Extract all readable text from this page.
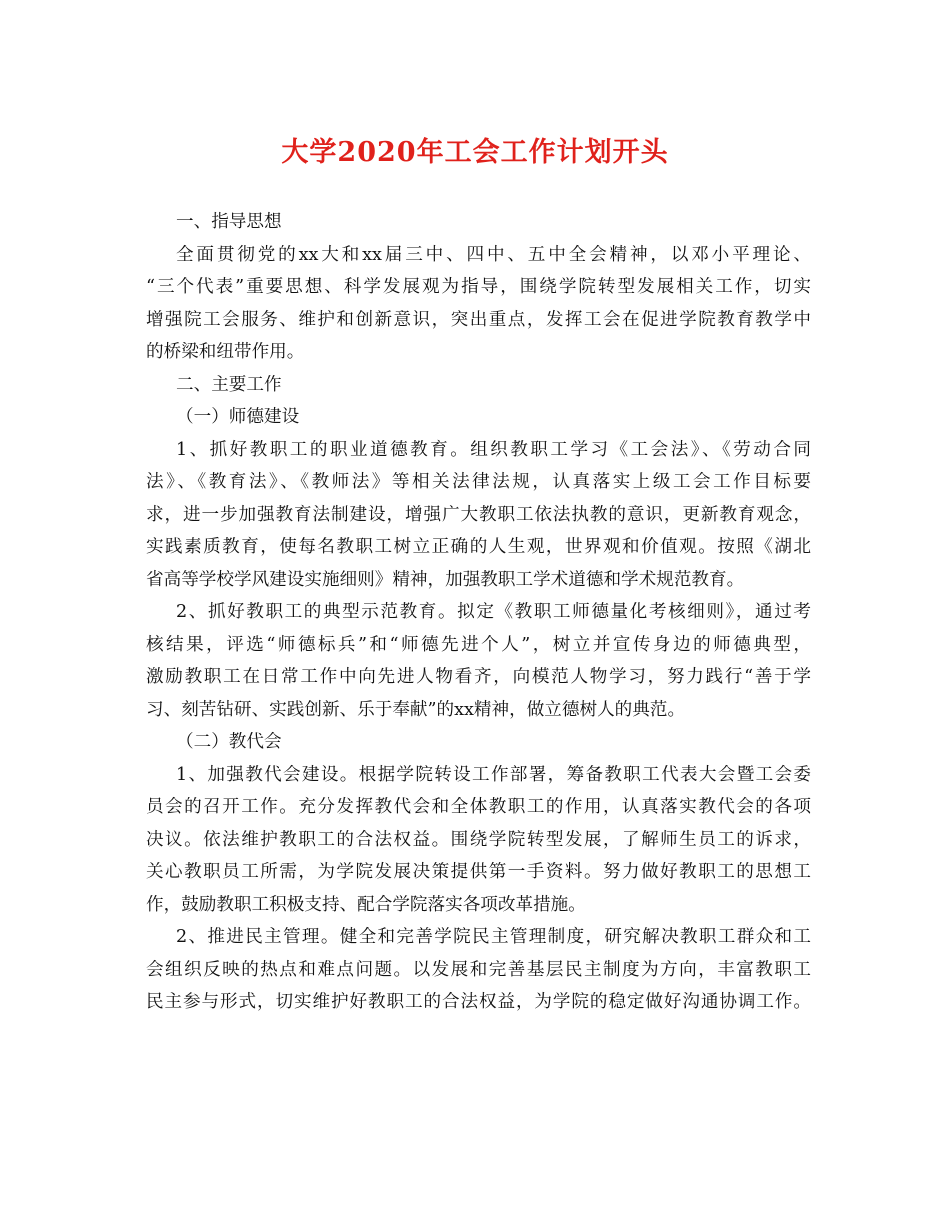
大学2020年工会工作计划开头
一、指导思想
全面贯彻党的xx大和xx届三中、四中、五中全会精神，以邓小平理论、
“三个代表”重要思想、科学发展观为指导，围绕学院转型发展相关工作，切实
增强院工会服务、维护和创新意识，突出重点，发挥工会在促进学院教育教学中
的桥梁和纽带作用。
二、主要工作
（一）师德建设
1、抓好教职工的职业道德教育。组织教职工学习《工会法》、《劳动合同
法》、《教育法》、《教师法》等相关法律法规，认真落实上级工会工作目标要
求，进一步加强教育法制建设，增强广大教职工依法执教的意识，更新教育观念，
实践素质教育，使每名教职工树立正确的人生观，世界观和价值观。按照《湖北
省高等学校学风建设实施细则》精神，加强教职工学术道德和学术规范教育。
2、抓好教职工的典型示范教育。拟定《教职工师德量化考核细则》，通过考
核结果，评选“师德标兵”和“师德先进个人”，树立并宣传身边的师德典型，
激励教职工在日常工作中向先进人物看齐，向模范人物学习，努力践行“善于学
习、刻苦钻研、实践创新、乐于奉献”的xx精神，做立德树人的典范。
（二）教代会
1、加强教代会建设。根据学院转设工作部署，筹备教职工代表大会暨工会委
员会的召开工作。充分发挥教代会和全体教职工的作用，认真落实教代会的各项
决议。依法维护教职工的合法权益。围绕学院转型发展，了解师生员工的诉求，
关心教职员工所需，为学院发展决策提供第一手资料。努力做好教职工的思想工
作，鼓励教职工积极支持、配合学院落实各项改革措施。
2、推进民主管理。健全和完善学院民主管理制度，研究解决教职工群众和工
会组织反映的热点和难点问题。以发展和完善基层民主制度为方向，丰富教职工
民主参与形式，切实维护好教职工的合法权益，为学院的稳定做好沟通协调工作。
